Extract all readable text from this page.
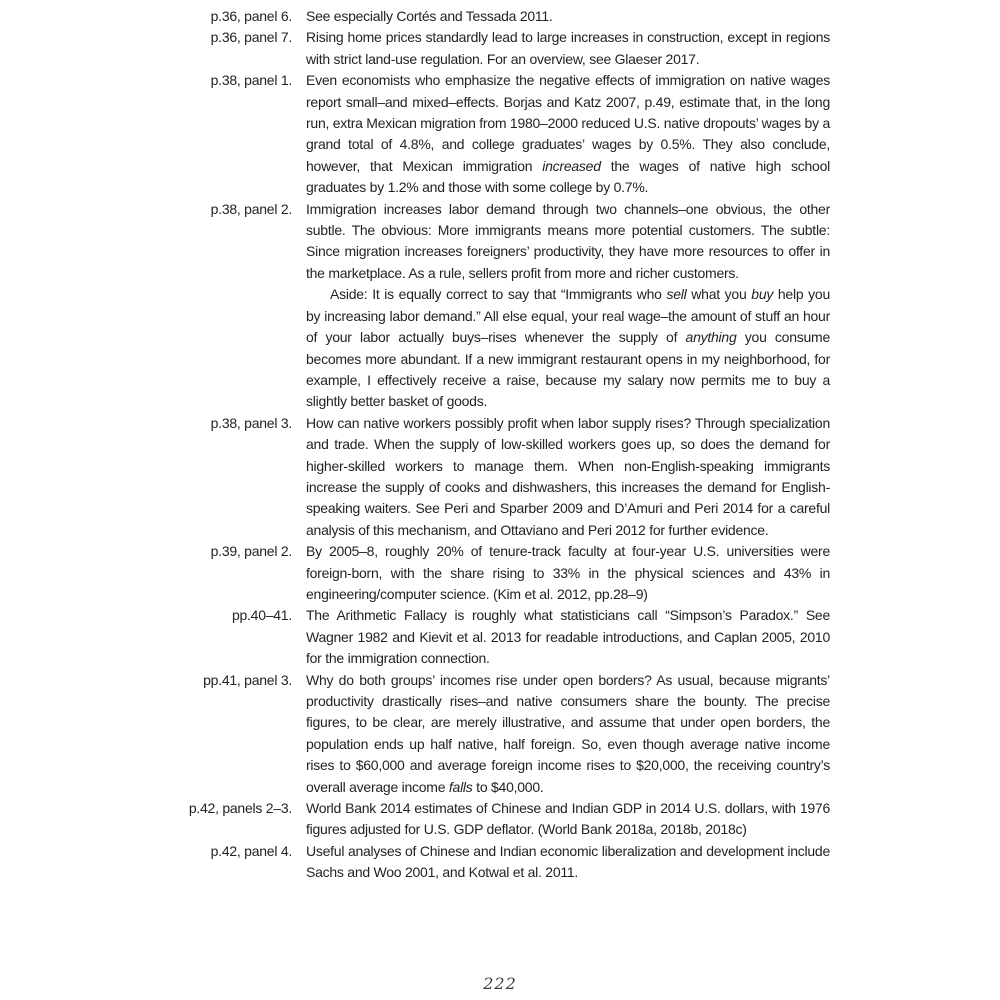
p.36, panel 6. See especially Cortés and Tessada 2011.

p.36, panel 7. Rising home prices standardly lead to large increases in construction, except in regions with strict land-use regulation. For an overview, see Glaeser 2017.

p.38, panel 1. Even economists who emphasize the negative effects of immigration on native wages report small–and mixed–effects. Borjas and Katz 2007, p.49, estimate that, in the long run, extra Mexican migration from 1980–2000 reduced U.S. native dropouts’ wages by a grand total of 4.8%, and college graduates’ wages by 0.5%. They also conclude, however, that Mexican immigration increased the wages of native high school graduates by 1.2% and those with some college by 0.7%.

p.38, panel 2. Immigration increases labor demand through two channels–one obvious, the other subtle. The obvious: More immigrants means more potential customers. The subtle: Since migration increases foreigners’ productivity, they have more resources to offer in the marketplace. As a rule, sellers profit from more and richer customers.

Aside: It is equally correct to say that “Immigrants who sell what you buy help you by increasing labor demand.” All else equal, your real wage–the amount of stuff an hour of your labor actually buys–rises whenever the supply of anything you consume becomes more abundant. If a new immigrant restaurant opens in my neighborhood, for example, I effectively receive a raise, because my salary now permits me to buy a slightly better basket of goods.

p.38, panel 3. How can native workers possibly profit when labor supply rises? Through specialization and trade. When the supply of low-skilled workers goes up, so does the demand for higher-skilled workers to manage them. When non-English-speaking immigrants increase the supply of cooks and dishwashers, this increases the demand for English-speaking waiters. See Peri and Sparber 2009 and D’Amuri and Peri 2014 for a careful analysis of this mechanism, and Ottaviano and Peri 2012 for further evidence.

p.39, panel 2. By 2005–8, roughly 20% of tenure-track faculty at four-year U.S. universities were foreign-born, with the share rising to 33% in the physical sciences and 43% in engineering/computer science. (Kim et al. 2012, pp.28–9)

pp.40–41. The Arithmetic Fallacy is roughly what statisticians call “Simpson’s Paradox.” See Wagner 1982 and Kievit et al. 2013 for readable introductions, and Caplan 2005, 2010 for the immigration connection.

pp.41, panel 3. Why do both groups’ incomes rise under open borders? As usual, because migrants’ productivity drastically rises–and native consumers share the bounty. The precise figures, to be clear, are merely illustrative, and assume that under open borders, the population ends up half native, half foreign. So, even though average native income rises to $60,000 and average foreign income rises to $20,000, the receiving country’s overall average income falls to $40,000.

p.42, panels 2–3. World Bank 2014 estimates of Chinese and Indian GDP in 2014 U.S. dollars, with 1976 figures adjusted for U.S. GDP deflator. (World Bank 2018a, 2018b, 2018c)

p.42, panel 4. Useful analyses of Chinese and Indian economic liberalization and development include Sachs and Woo 2001, and Kotwal et al. 2011.

222
